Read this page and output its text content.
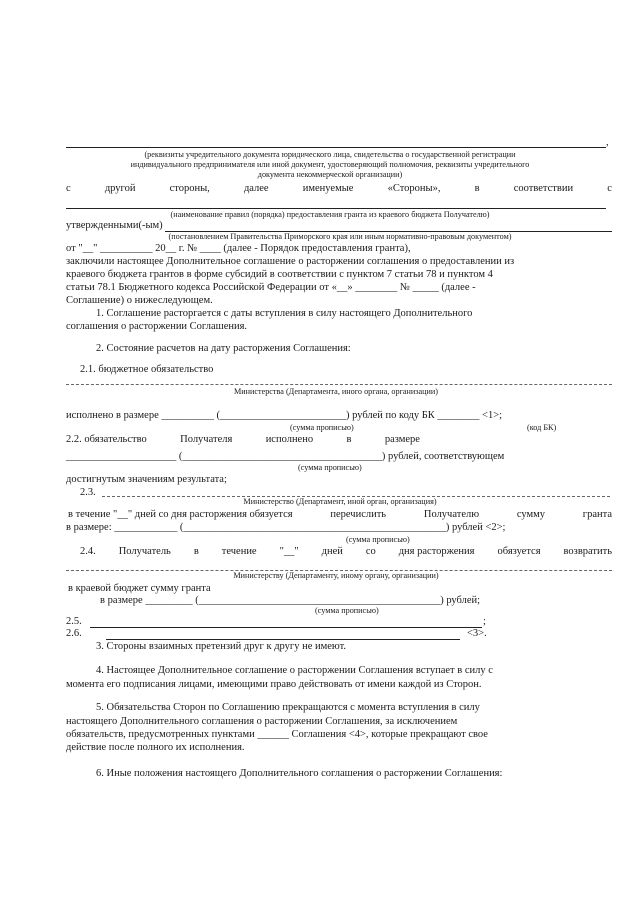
,
(реквизиты учредительного документа юридического лица, свидетельства о государственной регистрации
индивидуального предпринимателя или иной документ, удостоверяющий полномочия, реквизиты учредительного
документа некоммерческой организации)
с	другой	стороны,	далее	именуемые	«Стороны»,	в	соответствии	с
(наименование правил (порядка) предоставления гранта из краевого бюджета Получателю)
утвержденными(-ым)
(постановлением Правительства Приморского края или иным нормативно-правовым документом)
от "__" __________ 20__ г. № ____ (далее - Порядок предоставления гранта),
заключили настоящее Дополнительное соглашение о расторжении соглашения о предоставлении из
краевого бюджета грантов в форме субсидий в соответствии с пунктом 7 статьи 78 и пунктом 4
статьи 78.1 Бюджетного кодекса Российской Федерации от «__» ________ № _____ (далее -
Соглашение) о нижеследующем.
1. Соглашение расторгается с даты вступления в силу настоящего Дополнительного
соглашения о расторжении Соглашения.
2. Состояние расчетов на дату расторжения Соглашения:
2.1. бюджетное обязательство
Министерства (Департамента, иного органа, организации)
исполнено в размере __________ (________________________) рублей по коду БК ________ <1>;
(сумма прописью)	(код БК)
2.2. обязательство	Получателя	исполнено	в	размере
_____________________ (______________________________________) рублей, соответствующем
(сумма прописью)
достигнутым значениям результата;
2.3.
Министерство (Департамент, иной орган, организация)
в течение "__" дней со дня расторжения обязуется	перечислить	Получателю	сумму	гранта
в размере: ____________ (__________________________________________________) рублей <2>;
(сумма прописью)
2.4. Получатель в течение "__" дней со дня расторжения обязуется возвратить
Министерству (Департаменту, иному органу, организации)
в краевой бюджет сумму гранта
в размере _________ (______________________________________________) рублей;
(сумма прописью)
2.5.	;
2.6.	<3>.
3. Стороны взаимных претензий друг к другу не имеют.
4. Настоящее Дополнительное соглашение о расторжении Соглашения вступает в силу с
момента его подписания лицами, имеющими право действовать от имени каждой из Сторон.
5. Обязательства Сторон по Соглашению прекращаются с момента вступления в силу
настоящего Дополнительного соглашения о расторжении Соглашения, за исключением
обязательств, предусмотренных пунктами ______ Соглашения <4>, которые прекращают свое
действие после полного их исполнения.
6. Иные положения настоящего Дополнительного соглашения о расторжении Соглашения:
